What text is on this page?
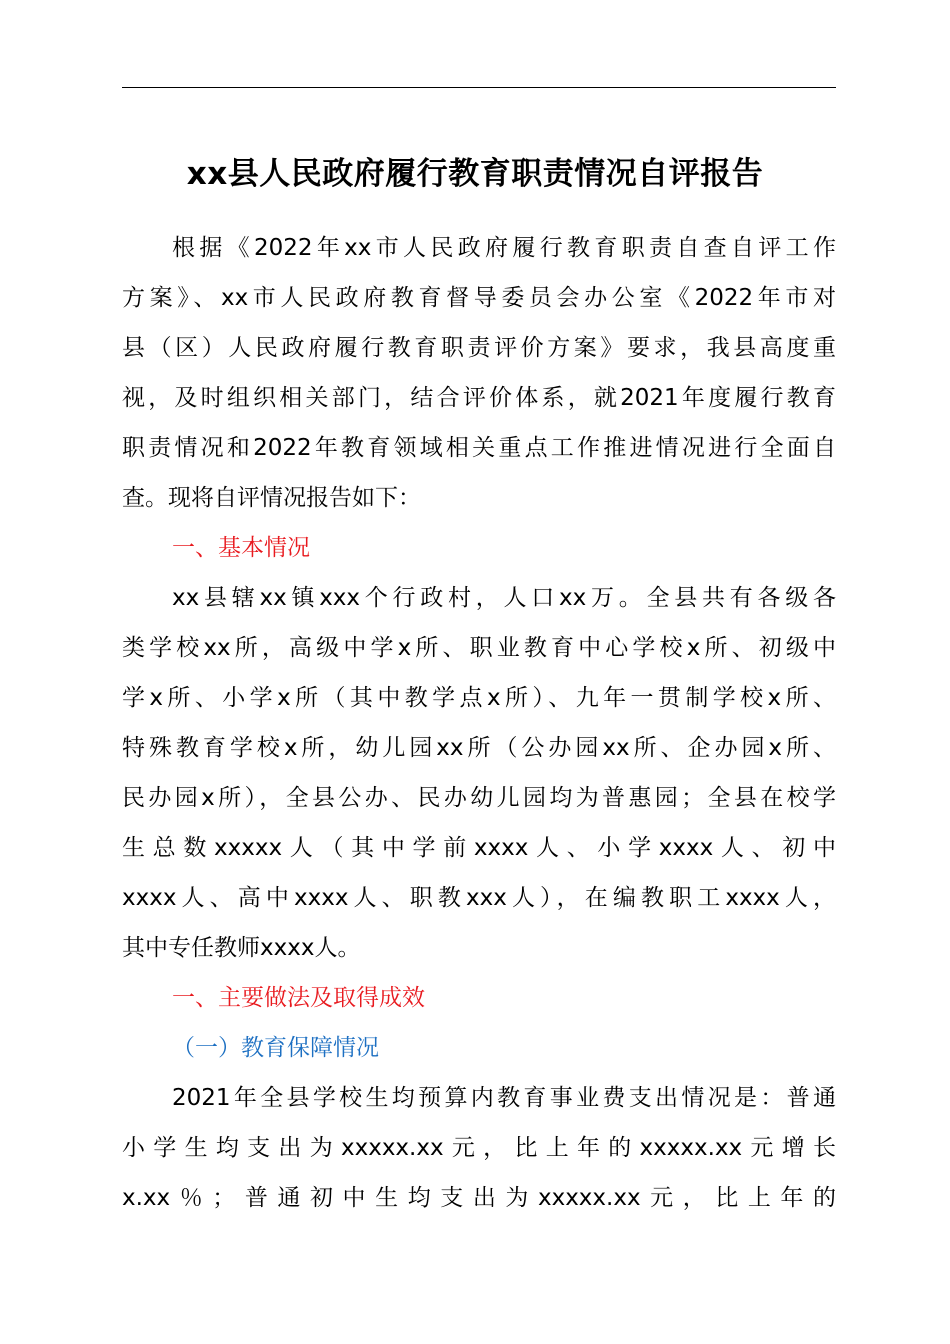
xx县人民政府履行教育职责情况自评报告
根据《2022年xx市人民政府履行教育职责自查自评工作
方案》、xx市人民政府教育督导委员会办公室《2022年市对
县（区）人民政府履行教育职责评价方案》要求，我县高度重
视，及时组织相关部门，结合评价体系，就2021年度履行教育
职责情况和2022年教育领域相关重点工作推进情况进行全面自
查。现将自评情况报告如下：
一、基本情况
xx县辖xx镇xxx个行政村，人口xx万。全县共有各级各
类学校xx所，高级中学x所、职业教育中心学校x所、初级中
学x所、小学x所（其中教学点x所）、九年一贯制学校x所、
特殊教育学校x所，幼儿园xx所（公办园xx所、企办园x所、
民办园x所），全县公办、民办幼儿园均为普惠园；全县在校学
生总数xxxxx人（其中学前xxxx人、小学xxxx人、初中
xxxx人、高中xxxx人、职教xxx人），在编教职工xxxx人，
其中专任教师xxxx人。
一、主要做法及取得成效
（一）教育保障情况
2021年全县学校生均预算内教育事业费支出情况是：普通
小学生均支出为xxxxx.xx元，比上年的xxxxx.xx元增长
x.xx％；普通初中生均支出为xxxxx.xx元，比上年的
